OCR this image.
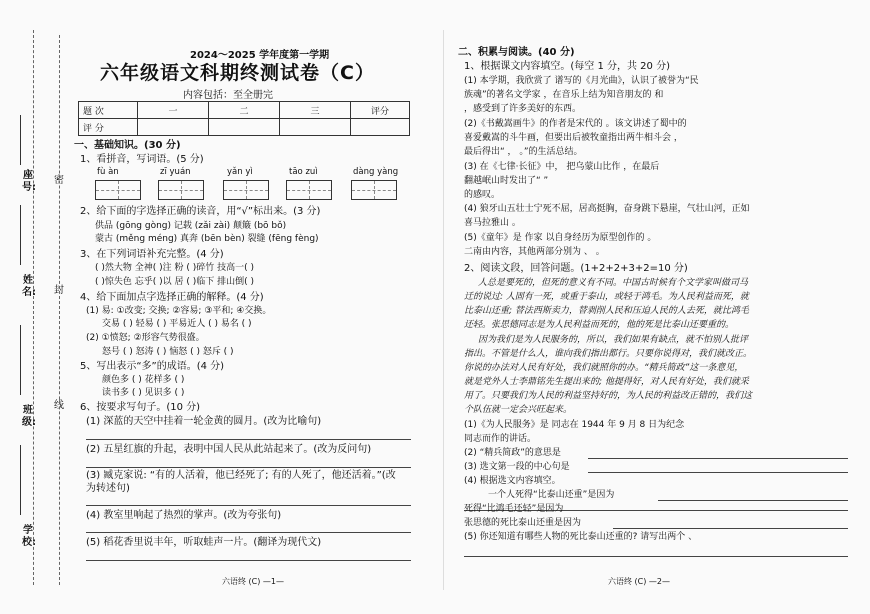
学校:
班级:
姓名:
座号:
线
封
密
2024～2025 学年度第一学期
六年级语文科期终测试卷（C）
内容包括：至全册完
题 次	一	二	三	评分
评 分				
一、基础知识。(30 分)
1、看拼音，写词语。(5 分)
fù àn	zī yuán	yǎn yì	tāo zuì	dàng yàng
2、给下面的字选择正确的读音，用“√”标出来。(3 分)
供品 (gōng gòng) 记载 (zǎi zài) 颠簸 (bō bǒ)
蒙古 (měng méng) 真奔 (bēn bèn) 裂缝 (fēng fèng)
3、在下列词语补充完整。(4 分)
( )然大物 全神( )注 粉 ( )碎竹 技高一( )
( )惊失色 忘乎( )以 居 ( )临下 排山倒( )
4、给下面加点字选择正确的解释。(4 分)
(1) 易: ①改变; 交换; ②容易; ③平和; ④交换。
交易 ( ) 轻易 ( ) 平易近人 ( ) 易名 ( )
(2) ①愤怒; ②形容气势很盛。
怒号 ( ) 怒涛 ( ) 恼怒 ( ) 怒斥 ( )
5、写出表示“多”的成语。(4 分)
颜色多 ( ) 花样多 ( )
读书多 ( ) 见识多 ( )
6、按要求写句子。(10 分)
(1) 深蓝的天空中挂着一轮金黄的圆月。(改为比喻句)
(2) 五星红旗的升起，表明中国人民从此站起来了。(改为反问句)
(3) 臧克家说: “有的人活着，他已经死了; 有的人死了，他还活着。”(改
为转述句)
(4) 教室里响起了热烈的掌声。(改为夸张句)
(5) 稻花香里说丰年，听取蛙声一片。(翻译为现代文)
六语终 (C) —1—
二、积累与阅读。(40 分)
1、根据课文内容填空。(每空 1 分，共 20 分)
(1) 本学期，我欣赏了 谱写的《月光曲》，认识了被誉为“民
族魂”的著名文学家 ，在音乐上结为知音朋友的 和
，感受到了许多美好的东西。
(2)《书戴嵩画牛》的作者是宋代的 。该文讲述了蜀中的
喜爱戴嵩的斗牛画，但要出后被牧童指出两牛相斗会 ，
最后得出“ ， 。”的生活总结。
(3) 在《七律·长征》中， 把乌蒙山比作 ，在最后
翻越岷山时发出了“ ”
的感叹。
(4) 狼牙山五壮士宁死不屈，居高挺胸，奋身跳下悬崖，气壮山河，正如
喜马拉雅山 。
(5)《童年》是 作家 以自身经历为原型创作的 。
二南由内容，其他两部分别为 、 。
2、阅读文段，回答问题。(1+2+2+3+2=10 分)
人总是要死的，但死的意义有不同。中国古时候有个文学家叫做司马
迁的说过: 人固有一死，或重于泰山，或轻于鸿毛。为人民利益而死，就
比泰山还重; 替法西斯卖力，替剥削人民和压迫人民的人去死，就比鸿毛
还轻。张思德同志是为人民利益而死的，他的死是比泰山还要重的。
因为我们是为人民服务的，所以，我们如果有缺点，就不怕别人批评
指出。不管是什么人，谁向我们指出都行。只要你说得对，我们就改正。
你说的办法对人民有好处，我们就照你的办。“精兵简政”这一条意见，
就是党外人士李鼎铭先生提出来的; 他提得好，对人民有好处，我们就采
用了。只要我们为人民的利益坚持好的，为人民的利益改正错的，我们这
个队伍就一定会兴旺起来。
(1)《为人民服务》是 同志在 1944 年 9 月 8 日为纪念
同志而作的讲话。
(2) “精兵简政”的意思是
(3) 选文第一段的中心句是
(4) 根据选文内容填空。
一个人死得“比泰山还重”是因为
死得“比鸿毛还轻”是因为
张思德的死比泰山还重是因为
(5) 你还知道有哪些人物的死比泰山还重的? 请写出两个 、
六语终 (C) —2—
